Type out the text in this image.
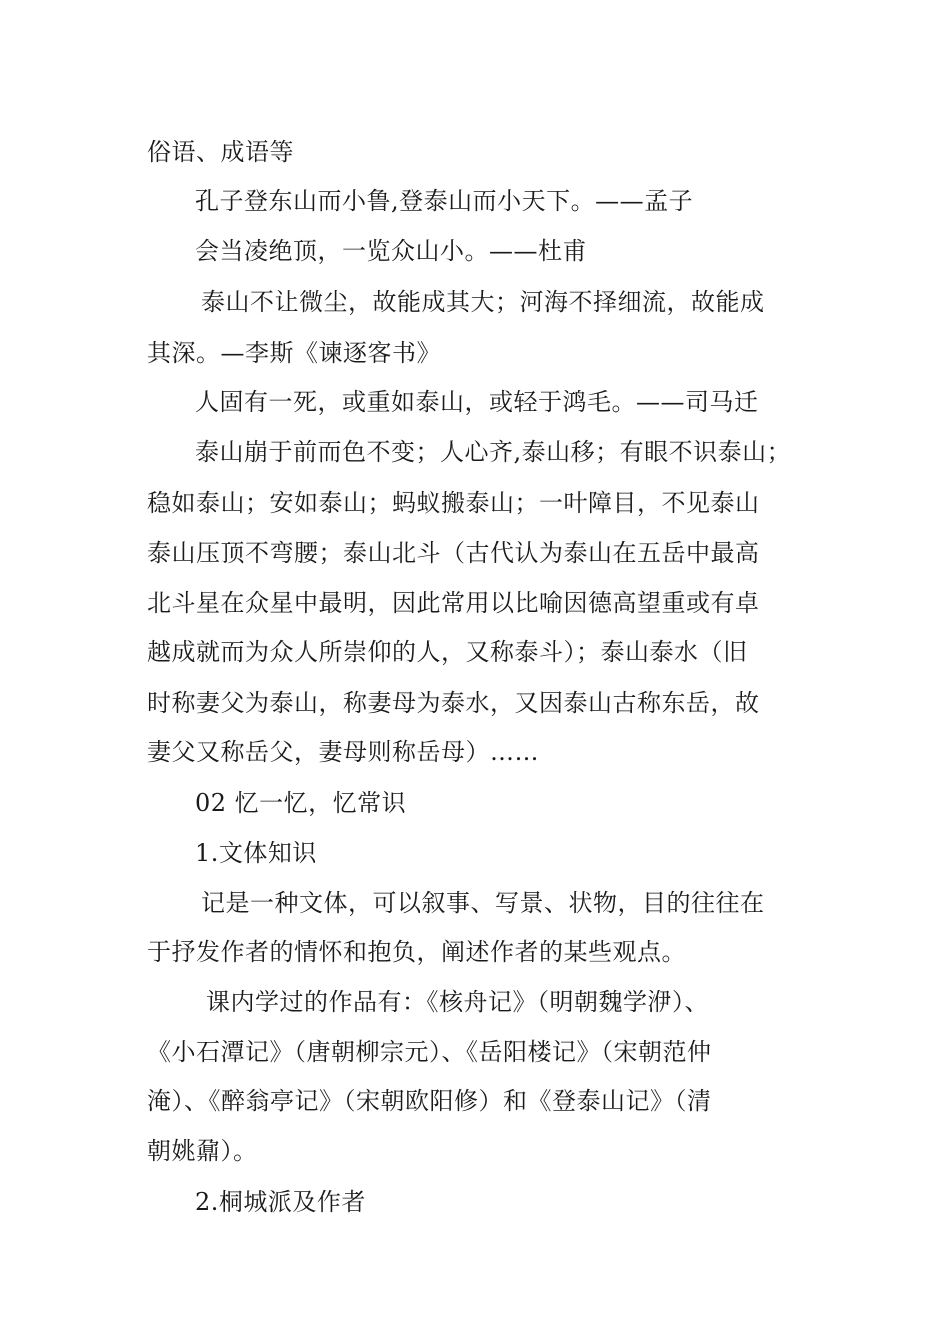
俗语、成语等
孔子登东山而小鲁,登泰山而小天下。——孟子
会当凌绝顶，一览众山小。——杜甫
泰山不让微尘，故能成其大；河海不择细流，故能成
其深。—李斯《谏逐客书》
人固有一死，或重如泰山，或轻于鸿毛。——司马迁
泰山崩于前而色不变；人心齐,泰山移；有眼不识泰山；
稳如泰山；安如泰山；蚂蚁搬泰山；一叶障目，不见泰山
泰山压顶不弯腰；泰山北斗（古代认为泰山在五岳中最高
北斗星在众星中最明，因此常用以比喻因德高望重或有卓
越成就而为众人所崇仰的人，又称泰斗）；泰山泰水（旧
时称妻父为泰山，称妻母为泰水，又因泰山古称东岳，故
妻父又称岳父，妻母则称岳母）……
02 忆一忆，忆常识
1.文体知识
记是一种文体，可以叙事、写景、状物，目的往往在
于抒发作者的情怀和抱负，阐述作者的某些观点。
课内学过的作品有：《核舟记》（明朝魏学洢）、
《小石潭记》（唐朝柳宗元）、《岳阳楼记》（宋朝范仲
淹）、《醉翁亭记》（宋朝欧阳修）和《登泰山记》（清
朝姚鼐）。
2.桐城派及作者
